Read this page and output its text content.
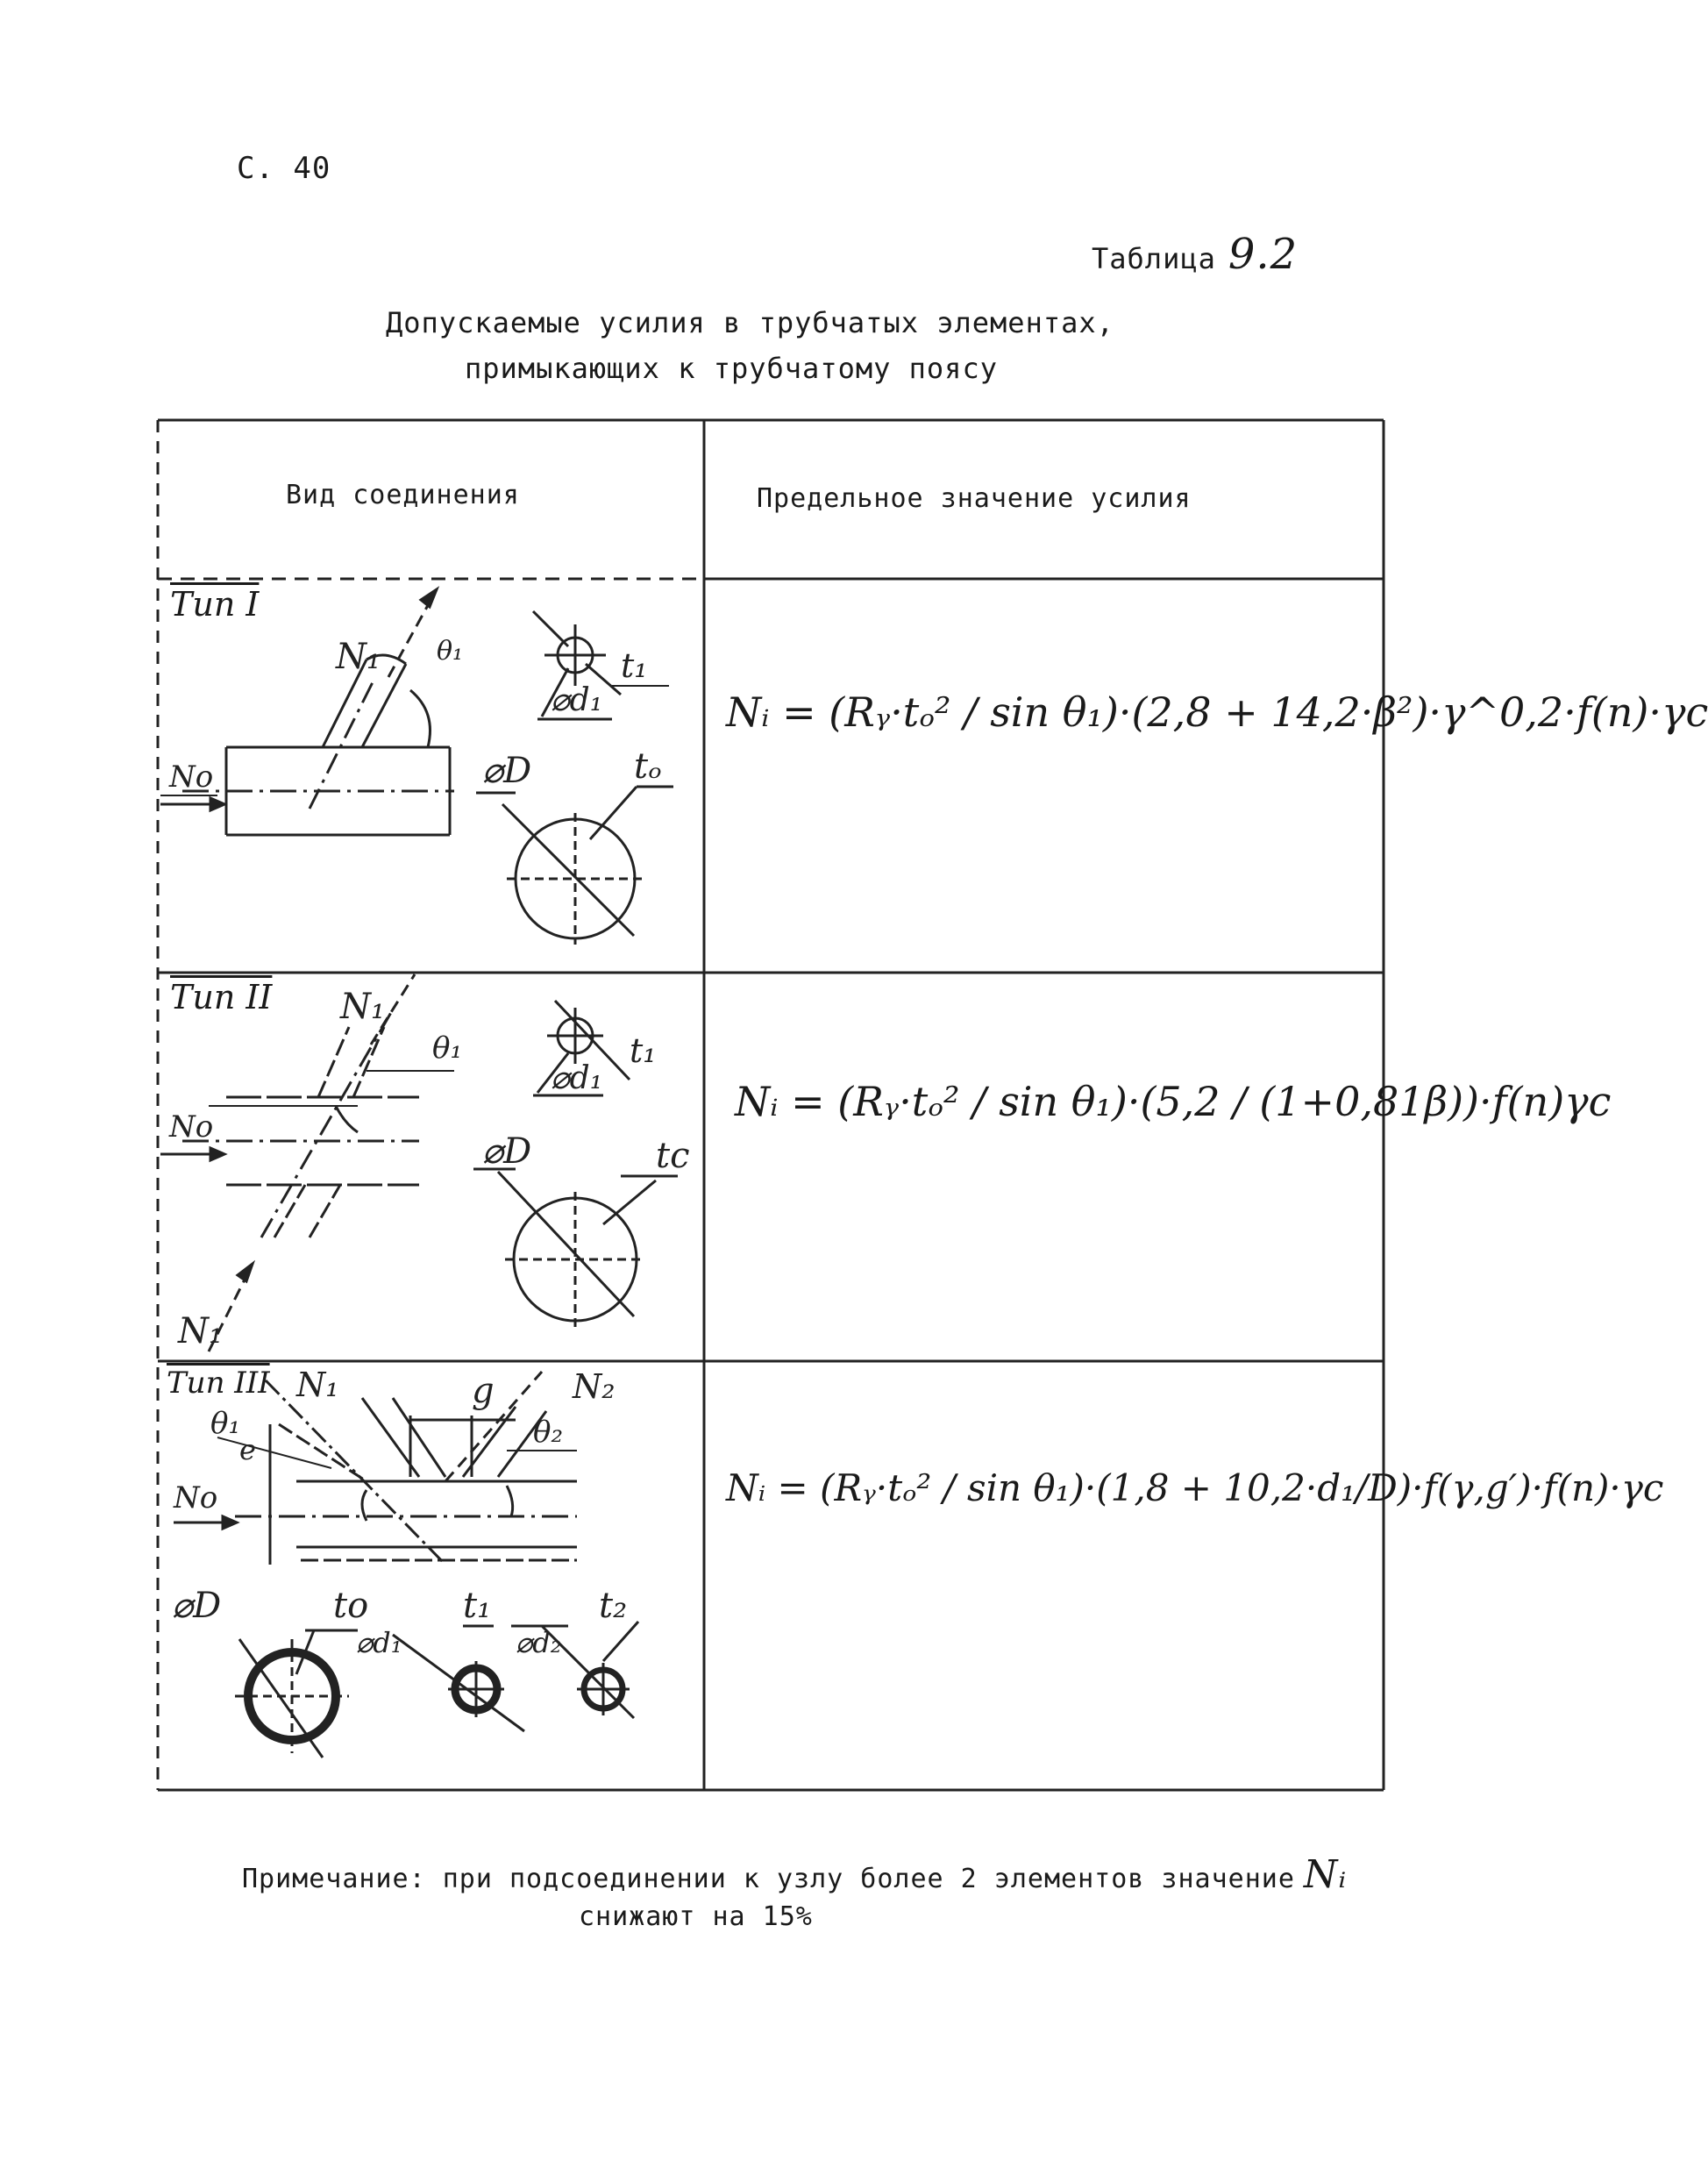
С. 40
Таблица 9.2
Допускаемые усилия в трубчатых элементах,
примыкающих к трубчатому поясу
Вид соединения	Предельное значение усилия
Тип I
N₁ θ₁
No
t₁
⌀d₁
⌀D	tₒ
Nᵢ = (Rᵧ·tₒ² / sin θ₁)·(2,8 + 14,2·β²)·γ^0,2·f(n)·γc
Тип II N₁
θ₁
No
N₁
t₁
⌀d₁
⌀D	tc
Nᵢ = (Rᵧ·tₒ² / sin θ₁)·(5,2 / (1+0,81β))·f(n)γc
Тип III N₁	N₂
g
e
θ₁	θ₂
No
⌀D	to	t₁
⌀d₁
t₂
⌀d₂
Nᵢ = (Rᵧ·tₒ² / sin θ₁)·(1,8 + 10,2·d₁/D)·f(γ,g′)·f(n)·γc
Примечание: при подсоединении к узлу более 2 элементов значение Nᵢ
снижают на 15%
